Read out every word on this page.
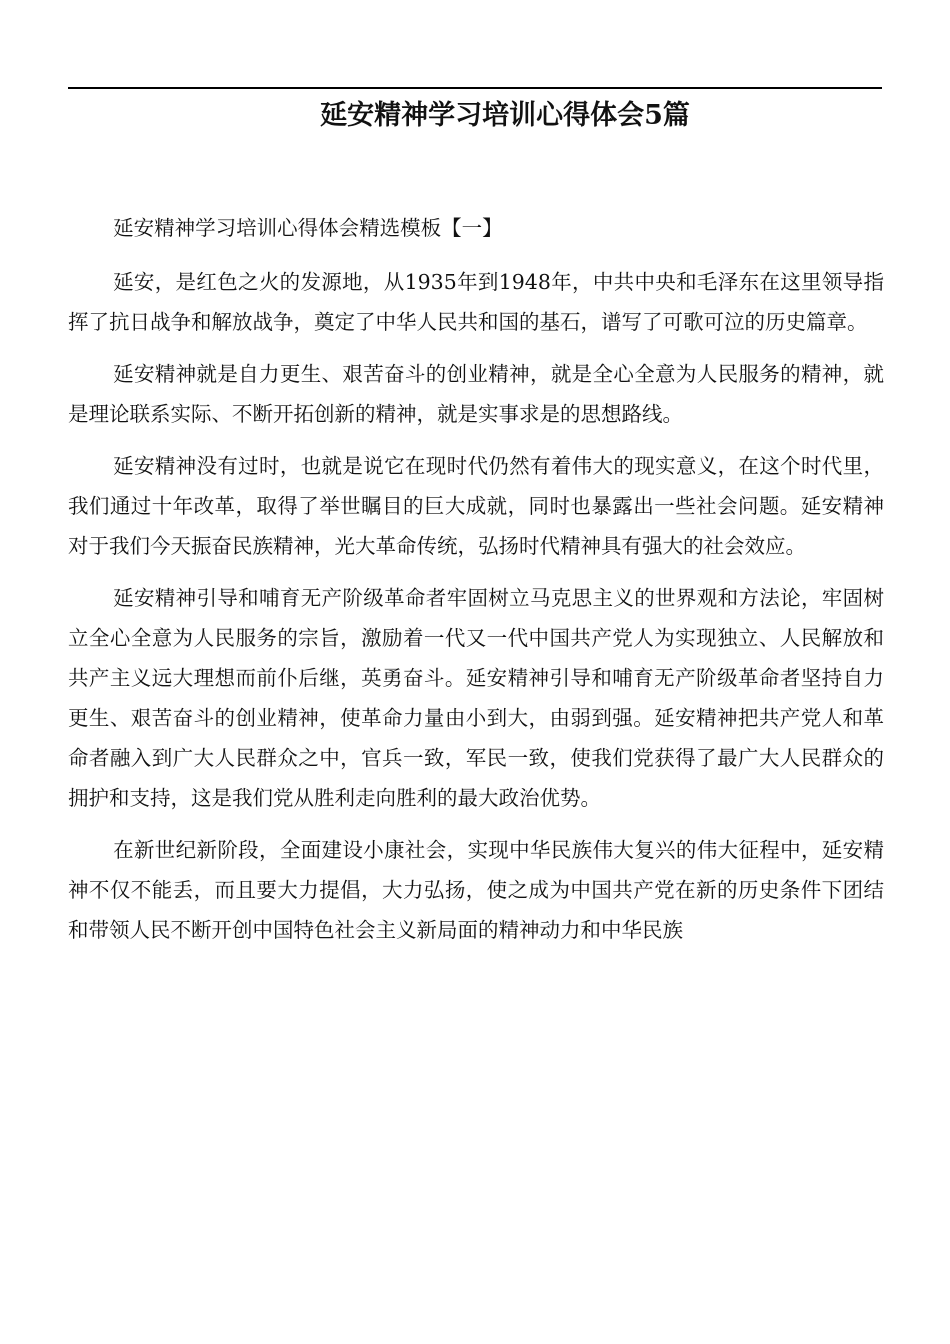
延安精神学习培训心得体会5篇

延安精神学习培训心得体会精选模板【一】

延安，是红色之火的发源地，从1935年到1948年，中共中央和毛泽东在这里领导指挥了抗日战争和解放战争，奠定了中华人民共和国的基石，谱写了可歌可泣的历史篇章。

延安精神就是自力更生、艰苦奋斗的创业精神，就是全心全意为人民服务的精神，就是理论联系实际、不断开拓创新的精神，就是实事求是的思想路线。

延安精神没有过时，也就是说它在现时代仍然有着伟大的现实意义，在这个时代里，我们通过十年改革，取得了举世瞩目的巨大成就，同时也暴露出一些社会问题。延安精神对于我们今天振奋民族精神，光大革命传统，弘扬时代精神具有强大的社会效应。

延安精神引导和哺育无产阶级革命者牢固树立马克思主义的世界观和方法论，牢固树立全心全意为人民服务的宗旨，激励着一代又一代中国共产党人为实现独立、人民解放和共产主义远大理想而前仆后继，英勇奋斗。延安精神引导和哺育无产阶级革命者坚持自力更生、艰苦奋斗的创业精神，使革命力量由小到大，由弱到强。延安精神把共产党人和革命者融入到广大人民群众之中，官兵一致，军民一致，使我们党获得了最广大人民群众的拥护和支持，这是我们党从胜利走向胜利的最大政治优势。

在新世纪新阶段，全面建设小康社会，实现中华民族伟大复兴的伟大征程中，延安精神不仅不能丢，而且要大力提倡，大力弘扬，使之成为中国共产党在新的历史条件下团结和带领人民不断开创中国特色社会主义新局面的精神动力和中华民族
